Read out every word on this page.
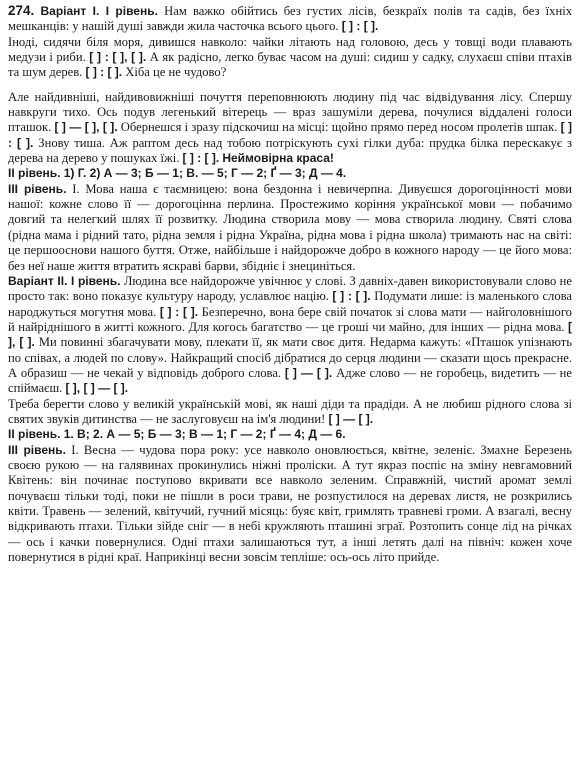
274. Варіант І. І рівень. Нам важко обійтись без густих лісів, безкраїх полів та садів, без їхніх мешканців: у нашій душі завжди жила часточка всього цього. [ ] : [ ].

Іноді, сидячи біля моря, дивишся навколо: чайки літають над головою, десь у товщі води плавають медузи і риби. [ ] : [ ], [ ]. А як радісно, легко буває часом на душі: сидиш у садку, слухаєш співи птахів та шум дерев. [ ] : [ ]. Хіба це не чудово?

Але найдивніші, найдивовижніші почуття переповнюють людину під час відвідування лісу. Спершу навкруги тихо. Ось подув легенький вітерець — враз зашуміли дерева, почулися віддалені голоси пташок. [ ] — [ ], [ ]. Обернешся і зразу підскочиш на місці: щойно прямо перед носом пролетів шпак. [ ] : [ ]. Знову тиша. Аж раптом десь над тобою потріскують сухі гілки дуба: прудка білка перескакує з дерева на дерево у пошуках їжі. [ ] : [ ]. Неймовірна краса!

ІІ рівень. 1) Г. 2) А — 3; Б — 1; В. — 5; Г — 2; Ґ — 3; Д — 4.

ІІІ рівень. І. Мова наша є таємницею: вона бездонна і невичерпна. Дивуєшся дорогоцінності мови нашої: кожне слово її — дорогоцінна перлина. Простежимо коріння української мови — побачимо довгий та нелегкий шлях її розвитку. Людина створила мову — мова створила людину. Святі слова (рідна мама і рідний тато, рідна земля і рідна Україна, рідна мова і рідна школа) тримають нас на світі: це першооснови нашого буття. Отже, найбільше і найдорожче добро в кожного народу — це його мова: без неї наше життя втратить яскраві барви, збідніє і знециніться.

Варіант ІІ. І рівень. Людина все найдорожче увічнює у слові. З давніх-давен використовували слово не просто так: воно показує культуру народу, уславлює націю. [ ] : [ ]. Подумати лише: із маленького слова народжуться могутня мова. [ ] : [ ]. Безперечно, вона бере свій початок зі слова мати — найголовнішого й найріднішого в житті кожного. Для когось багатство — це гроші чи майно, для інших — рідна мова. [ ], [ ]. Ми повинні збагачувати мову, плекати її, як мати своє дитя. Недарма кажуть: «Пташок упізнають по співах, а людей по слову». Найкращий спосіб дібратися до серця людини — сказати щось прекрасне. А образиш — не чекай у відповідь доброго слова. [ ] — [ ]. Адже слово — не горобець, видетить — не спіймаєш. [ ], [ ] — [ ].

Треба берегти слово у великій українській мові, як наші діди та прадіди. А не любиш рідного слова зі святих звуків дитинства — не заслуговуєш на ім'я людини! [ ] — [ ].

ІІ рівень. 1. В; 2. А — 5; Б — 3; В — 1; Г — 2; Ґ — 4; Д — 6.

ІІІ рівень. І. Весна — чудова пора року: усе навколо оновлюється, квітне, зеленіє. Змахне Березень своєю рукою — на галявинах прокинулись ніжні проліски. А тут якраз поспіє на зміну невгамовний Квітень: він починає поступово вкривати все навколо зеленим. Справжній, чистий аромат землі почуваєш тільки тоді, поки не пішли в роси трави, не розпустилося на деревах листя, не розкрились квіти. Травень — зелений, квітучий, гучний місяць: буяє квіт, гримлять травневі громи. А взагалі, весну відкривають птахи. Тільки зійде сніг — в небі кружляють пташині зграї. Розтопить сонце лід на річках — ось і качки повернулися. Одні птахи залишаються тут, а інші летять далі на північ: кожен хоче повернутися в рідні краї. Наприкінці весни зовсім тепліше: ось-ось літо прийде.
